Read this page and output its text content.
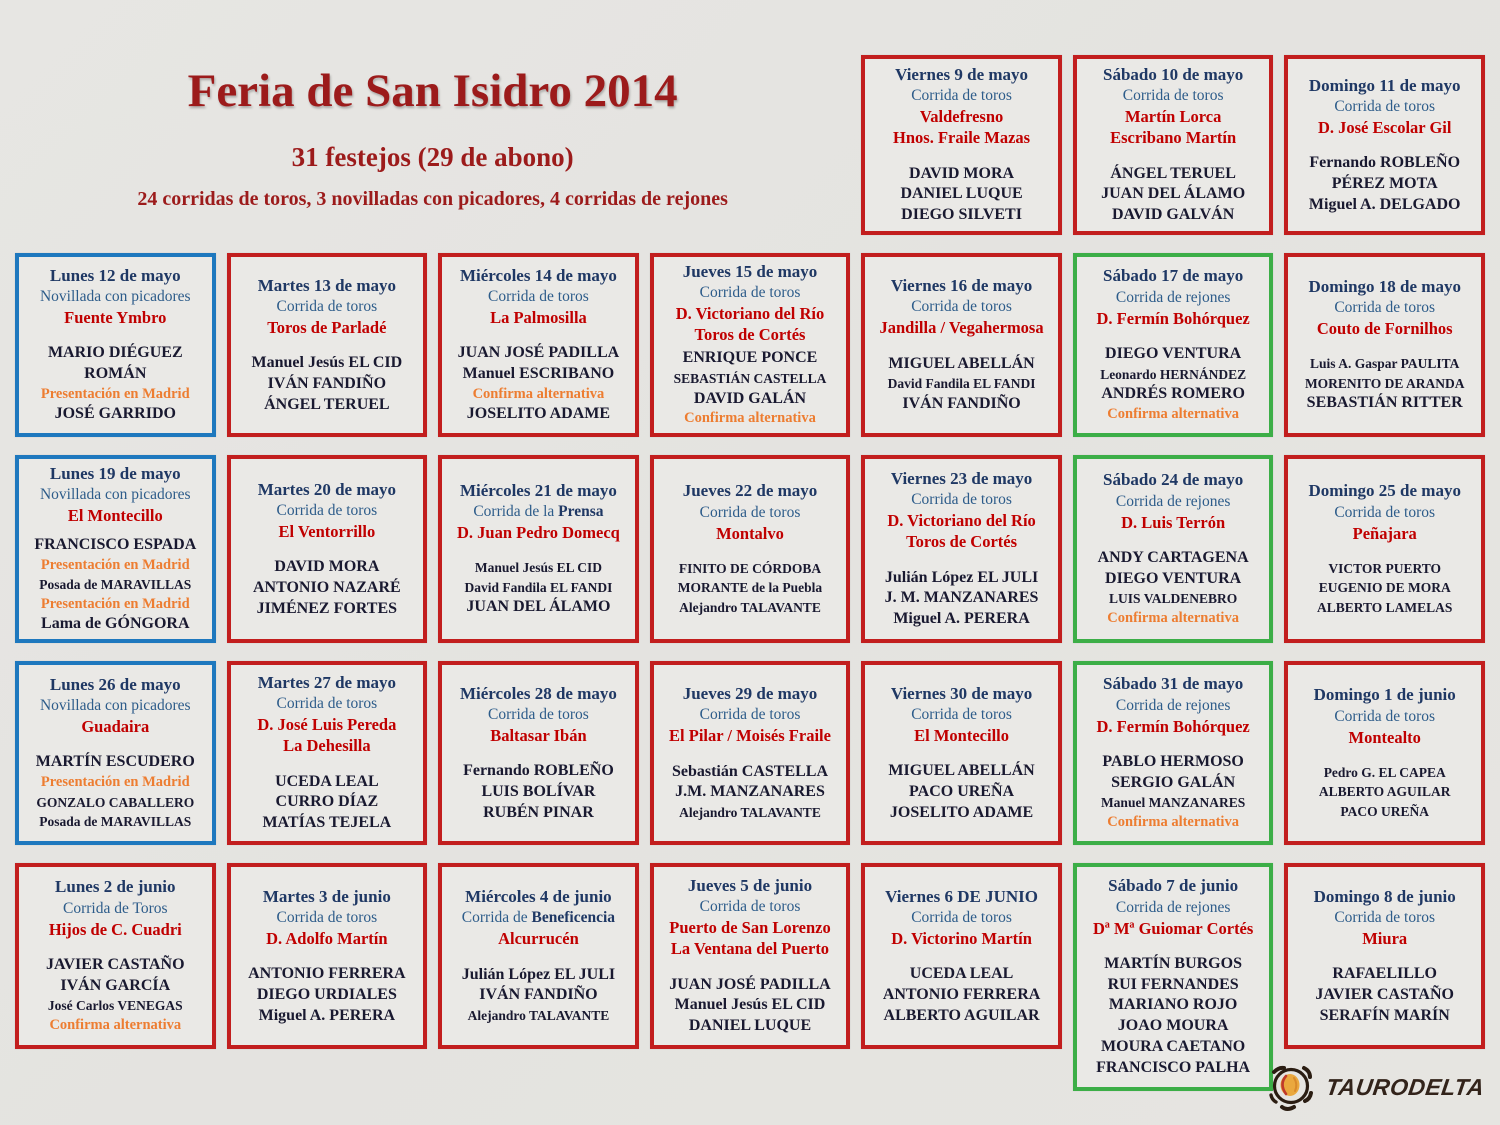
Feria de San Isidro 2014
31 festejos (29 de abono)
24 corridas de toros, 3 novilladas con picadores, 4 corridas de rejones
Viernes 9 de mayo
Corrida de toros
Valdefresno
Hnos. Fraile Mazas
DAVID MORA
DANIEL LUQUE
DIEGO SILVETI
Sábado 10 de mayo
Corrida de toros
Martín Lorca
Escribano Martín
ÁNGEL TERUEL
JUAN DEL ÁLAMO
DAVID GALVÁN
Domingo 11 de mayo
Corrida de toros
D. José Escolar Gil
Fernando ROBLEÑO
PÉREZ MOTA
Miguel A. DELGADO
Lunes 12 de mayo
Novillada con picadores
Fuente Ymbro
MARIO DIÉGUEZ
ROMÁN
Presentación en Madrid
JOSÉ GARRIDO
Martes 13 de mayo
Corrida de toros
Toros de Parladé
Manuel Jesús EL CID
IVÁN FANDIÑO
ÁNGEL TERUEL
Miércoles 14 de mayo
Corrida de toros
La Palmosilla
JUAN JOSÉ PADILLA
Manuel ESCRIBANO
Confirma alternativa
JOSELITO ADAME
Jueves 15 de mayo
Corrida de toros
D. Victoriano del Río
Toros de Cortés
ENRIQUE PONCE
SEBASTIÁN CASTELLA
DAVID GALÁN
Confirma alternativa
Viernes 16 de mayo
Corrida de toros
Jandilla / Vegahermosa
MIGUEL ABELLÁN
David Fandila EL FANDI
IVÁN FANDIÑO
Sábado 17 de mayo
Corrida de rejones
D. Fermín Bohórquez
DIEGO VENTURA
Leonardo HERNÁNDEZ
ANDRÉS ROMERO
Confirma alternativa
Domingo 18 de mayo
Corrida de toros
Couto de Fornilhos
Luis A. Gaspar PAULITA
MORENITO DE ARANDA
SEBASTIÁN RITTER
Lunes 19 de mayo
Novillada con picadores
El Montecillo
FRANCISCO ESPADA
Presentación en Madrid
Posada de MARAVILLAS
Presentación en Madrid
Lama de GÓNGORA
Martes 20 de mayo
Corrida de toros
El Ventorrillo
DAVID MORA
ANTONIO NAZARÉ
JIMÉNEZ FORTES
Miércoles 21 de mayo
Corrida de la Prensa
D. Juan Pedro Domecq
Manuel Jesús EL CID
David Fandila EL FANDI
JUAN DEL ÁLAMO
Jueves 22 de mayo
Corrida de toros
Montalvo
FINITO DE CÓRDOBA
MORANTE de la Puebla
Alejandro TALAVANTE
Viernes 23 de mayo
Corrida de toros
D. Victoriano del Río
Toros de Cortés
Julián López EL JULI
J. M. MANZANARES
Miguel A. PERERA
Sábado 24 de mayo
Corrida de rejones
D. Luis Terrón
ANDY CARTAGENA
DIEGO VENTURA
LUIS VALDENEBRO
Confirma alternativa
Domingo 25 de mayo
Corrida de toros
Peñajara
VICTOR PUERTO
EUGENIO DE MORA
ALBERTO LAMELAS
Lunes 26 de mayo
Novillada con picadores
Guadaira
MARTÍN ESCUDERO
Presentación en Madrid
GONZALO CABALLERO
Posada de MARAVILLAS
Martes 27 de mayo
Corrida de toros
D. José Luis Pereda
La Dehesilla
UCEDA LEAL
CURRO DÍAZ
MATÍAS TEJELA
Miércoles 28 de mayo
Corrida de toros
Baltasar Ibán
Fernando ROBLEÑO
LUIS BOLÍVAR
RUBÉN PINAR
Jueves 29 de mayo
Corrida de toros
El Pilar / Moisés Fraile
Sebastián CASTELLA
J.M. MANZANARES
Alejandro TALAVANTE
Viernes 30 de mayo
Corrida de toros
El Montecillo
MIGUEL ABELLÁN
PACO UREÑA
JOSELITO ADAME
Sábado 31 de mayo
Corrida de rejones
D. Fermín Bohórquez
PABLO HERMOSO
SERGIO GALÁN
Manuel MANZANARES
Confirma alternativa
Domingo 1 de junio
Corrida de toros
Montealto
Pedro G. EL CAPEA
ALBERTO AGUILAR
PACO UREÑA
Lunes 2 de junio
Corrida de Toros
Hijos de C. Cuadri
JAVIER CASTAÑO
IVÁN GARCÍA
José Carlos VENEGAS
Confirma alternativa
Martes 3 de junio
Corrida de toros
D. Adolfo Martín
ANTONIO FERRERA
DIEGO URDIALES
Miguel A. PERERA
Miércoles 4 de junio
Corrida de Beneficencia
Alcurrucén
Julián López EL JULI
IVÁN FANDIÑO
Alejandro TALAVANTE
Jueves 5 de junio
Corrida de toros
Puerto de San Lorenzo
La Ventana del Puerto
JUAN JOSÉ PADILLA
Manuel Jesús EL CID
DANIEL LUQUE
Viernes 6 DE JUNIO
Corrida de toros
D. Victorino Martín
UCEDA LEAL
ANTONIO FERRERA
ALBERTO AGUILAR
Sábado 7 de junio
Corrida de rejones
Dª Mª Guiomar Cortés
MARTÍN BURGOS
RUI FERNANDES
MARIANO ROJO
JOAO MOURA
MOURA CAETANO
FRANCISCO PALHA
Domingo 8 de junio
Corrida de toros
Miura
RAFAELILLO
JAVIER CASTAÑO
SERAFÍN MARÍN
TAURODELTA
